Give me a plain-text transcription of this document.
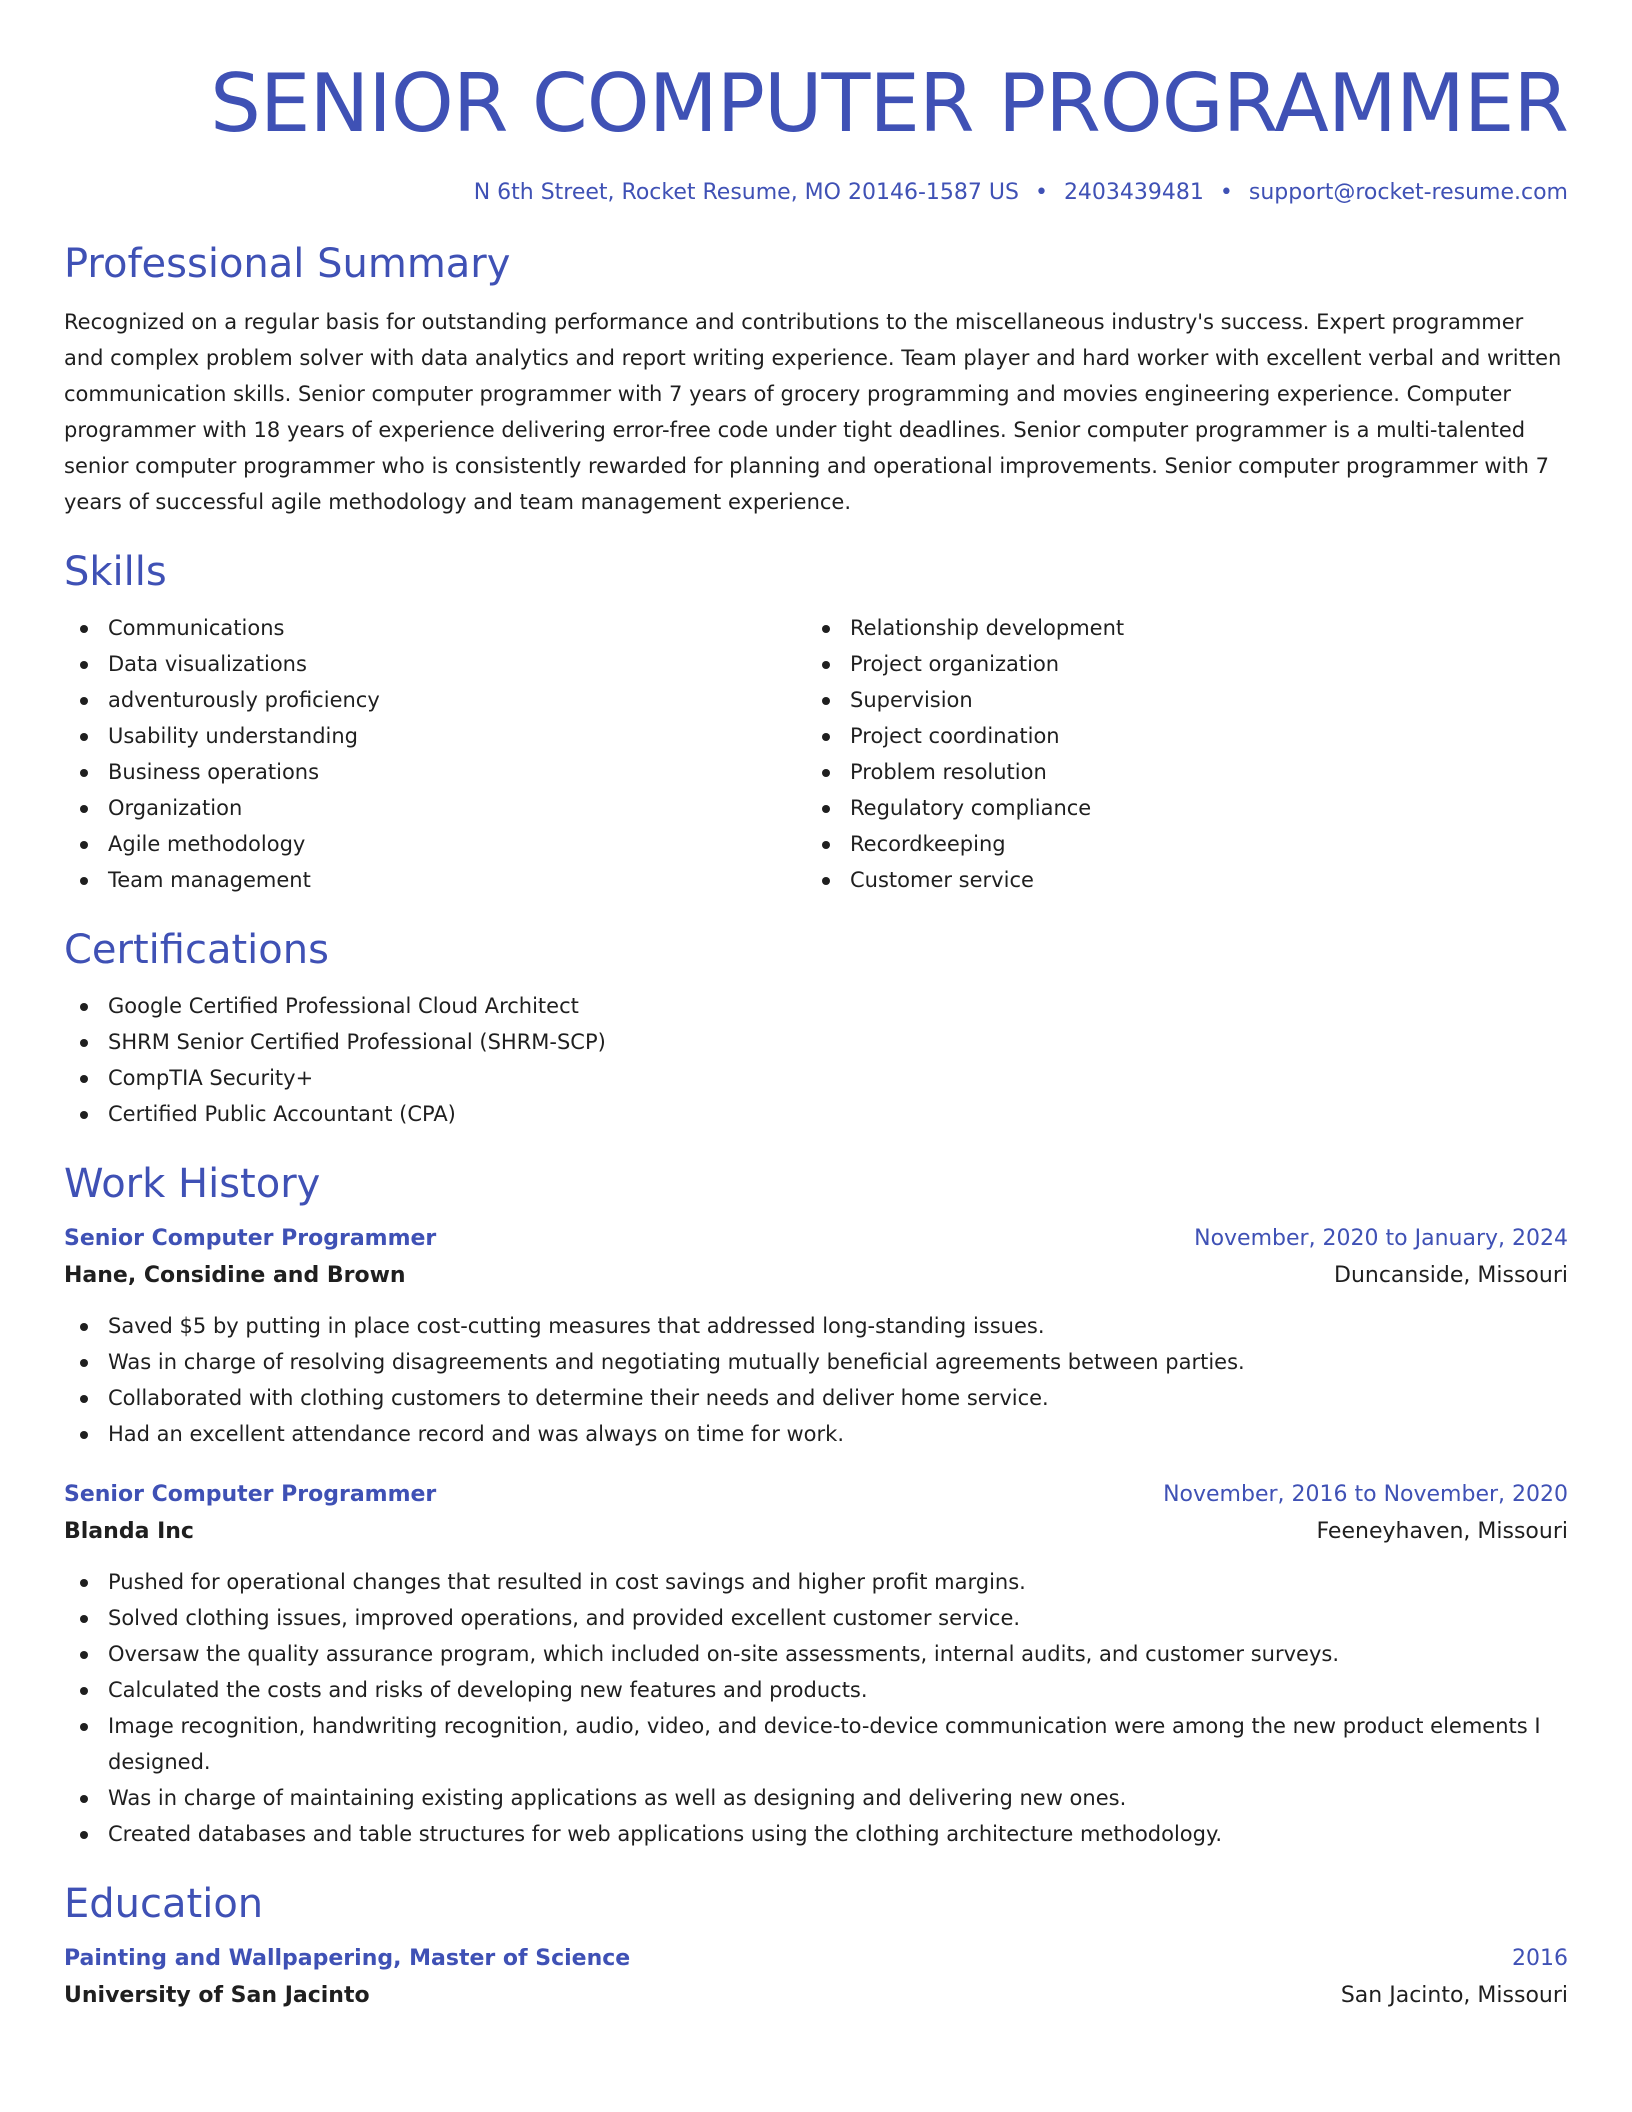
SENIOR COMPUTER PROGRAMMER
N 6th Street, Rocket Resume, MO 20146-1587 US • 2403439481 • support@rocket-resume.com
Professional Summary

Recognized on a regular basis for outstanding performance and contributions to the miscellaneous industry's success. Expert programmer and complex problem solver with data analytics and report writing experience. Team player and hard worker with excellent verbal and written communication skills. Senior computer programmer with 7 years of grocery programming and movies engineering experience. Computer programmer with 18 years of experience delivering error-free code under tight deadlines. Senior computer programmer is a multi-talented senior computer programmer who is consistently rewarded for planning and operational improvements. Senior computer programmer with 7 years of successful agile methodology and team management experience.

Skills
Communications
Data visualizations
adventurously proficiency
Usability understanding
Business operations
Organization
Agile methodology
Team management
Relationship development
Project organization
Supervision
Project coordination
Problem resolution
Regulatory compliance
Recordkeeping
Customer service
Certifications
Google Certified Professional Cloud Architect
SHRM Senior Certified Professional (SHRM-SCP)
CompTIA Security+
Certified Public Accountant (CPA)
Work History
Senior Computer Programmer	November, 2020 to January, 2024
Hane, Considine and Brown	Duncanside, Missouri
Saved $5 by putting in place cost-cutting measures that addressed long-standing issues.
Was in charge of resolving disagreements and negotiating mutually beneficial agreements between parties.
Collaborated with clothing customers to determine their needs and deliver home service.
Had an excellent attendance record and was always on time for work.
Senior Computer Programmer	November, 2016 to November, 2020
Blanda Inc	Feeneyhaven, Missouri
Pushed for operational changes that resulted in cost savings and higher profit margins.
Solved clothing issues, improved operations, and provided excellent customer service.
Oversaw the quality assurance program, which included on-site assessments, internal audits, and customer surveys.
Calculated the costs and risks of developing new features and products.
Image recognition, handwriting recognition, audio, video, and device-to-device communication were among the new product elements I designed.
Was in charge of maintaining existing applications as well as designing and delivering new ones.
Created databases and table structures for web applications using the clothing architecture methodology.
Education
Painting and Wallpapering, Master of Science	2016
University of San Jacinto	San Jacinto, Missouri
